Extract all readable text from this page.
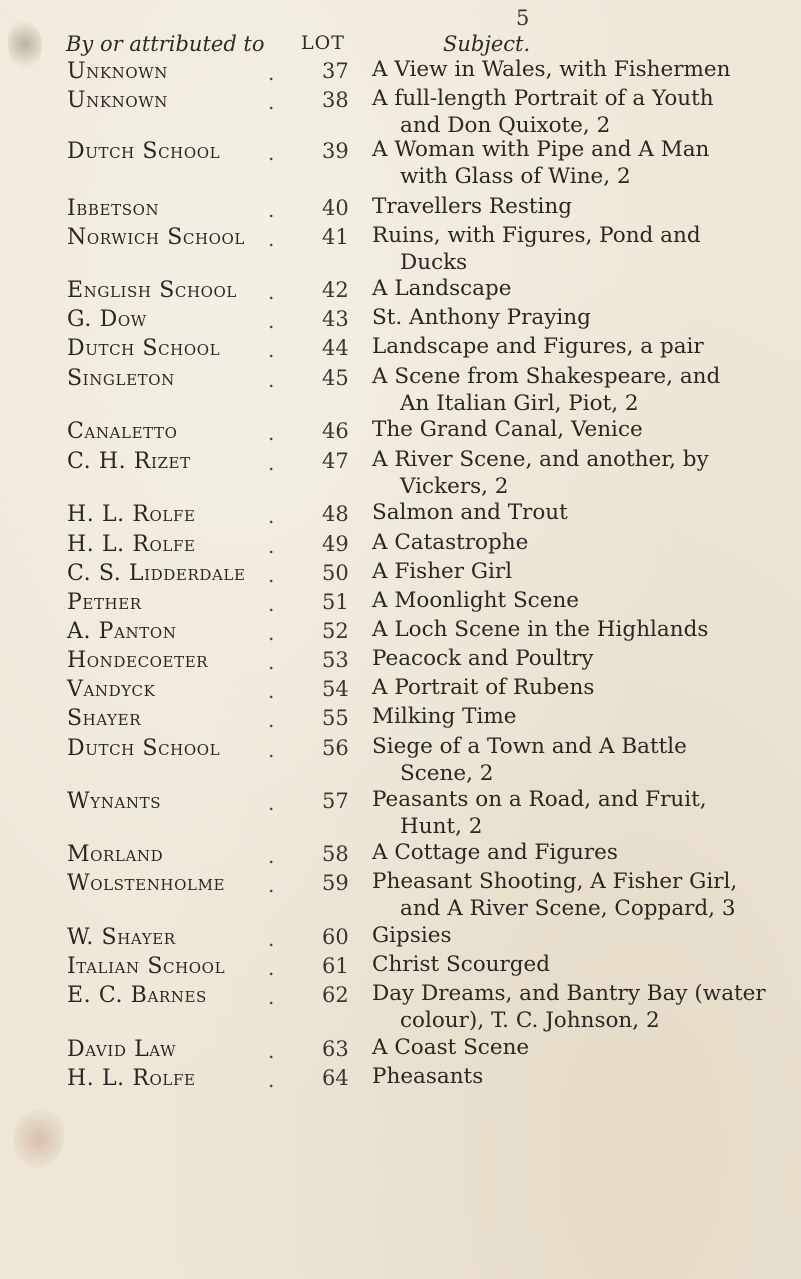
5
By or attributed to LOT	Subject.
Unknown	. 37 A View in Wales, with Fishermen
Unknown	. 38 A full-length Portrait of a Youth
and Don Quixote, 2
Dutch School . 39 A Woman with Pipe and A Man
with Glass of Wine, 2
Ibbetson	. 40 Travellers Resting
Norwich School . 41 Ruins, with Figures, Pond and
Ducks
English School . 42 A Landscape
G. Dow	. 43 St. Anthony Praying
Dutch School . 44 Landscape and Figures, a pair
Singleton	. 45 A Scene from Shakespeare, and
An Italian Girl, Piot, 2
Canaletto	. 46 The Grand Canal, Venice
C. H. Rizet	. 47 A River Scene, and another, by
Vickers, 2
H. L. Rolfe	. 48 Salmon and Trout
H. L. Rolfe	. 49 A Catastrophe
C. S. Lidderdale . 50 A Fisher Girl
Pether	. 51 A Moonlight Scene
A. Panton	. 52 A Loch Scene in the Highlands
Hondecoeter	. 53 Peacock and Poultry
Vandyck	. 54 A Portrait of Rubens
Shayer	. 55 Milking Time
Dutch School . 56 Siege of a Town and A Battle
Scene, 2
Wynants	. 57 Peasants on a Road, and Fruit,
Hunt, 2
Morland	. 58 A Cottage and Figures
Wolstenholme . 59 Pheasant Shooting, A Fisher Girl,
and A River Scene, Coppard, 3
W. Shayer	. 60 Gipsies
Italian School . 61 Christ Scourged
E. C. Barnes	. 62 Day Dreams, and Bantry Bay (water
colour), T. C. Johnson, 2
David Law	. 63 A Coast Scene
H. L. Rolfe	. 64 Pheasants
